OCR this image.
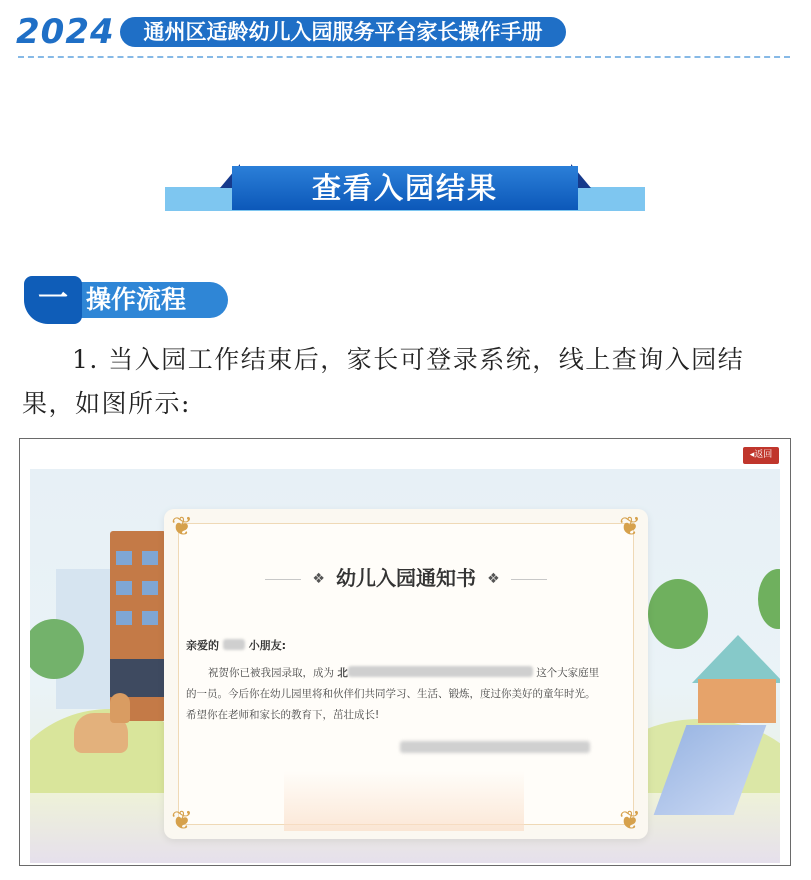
2024	通州区适龄幼儿入园服务平台家长操作手册
查看入园结果
操作流程
一

1. 当入园工作结束后，家长可登录系统，线上查询入园结果，如图所示:

◂返回
❦	❦
❦	❦
❖ 幼儿入园通知书 ❖
亲爱的	小朋友:
祝贺你已被我园录取，成为 北	这个大家庭里的一员。今后你在幼儿园里将和伙伴们共同学习、生活、锻炼，度过你美好的童年时光。希望你在老师和家长的教育下，茁壮成长!
